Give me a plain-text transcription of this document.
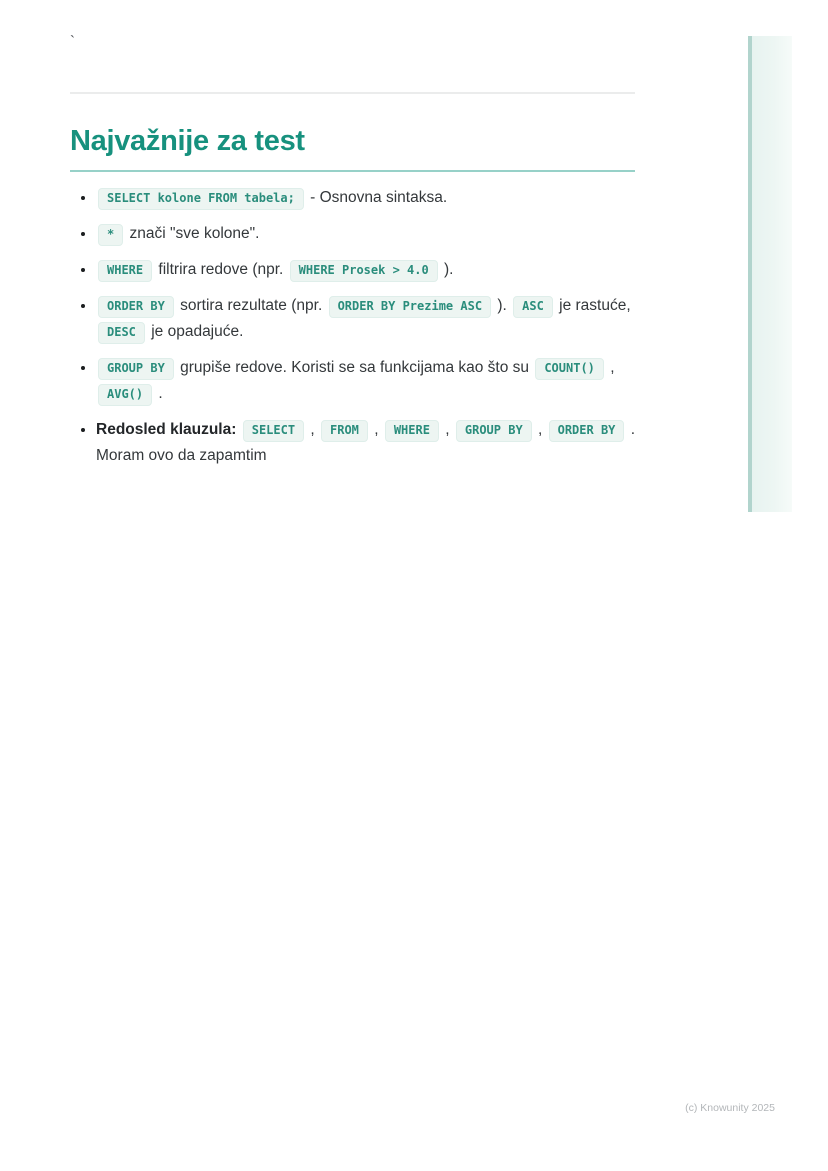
`
Najvažnije za test
• SELECT kolone FROM tabela; - Osnovna sintaksa.
• * znači "sve kolone".
• WHERE filtrira redove (npr. WHERE Prosek > 4.0 ).
• ORDER BY sortira rezultate (npr. ORDER BY Prezime ASC ). ASC je rastuće, DESC je opadajuće.
• GROUP BY grupiše redove. Koristi se sa funkcijama kao što su COUNT() , AVG() .
• Redosled klauzula: SELECT , FROM , WHERE , GROUP BY , ORDER BY .
Moram ovo da zapamtim
(c) Knowunity 2025
